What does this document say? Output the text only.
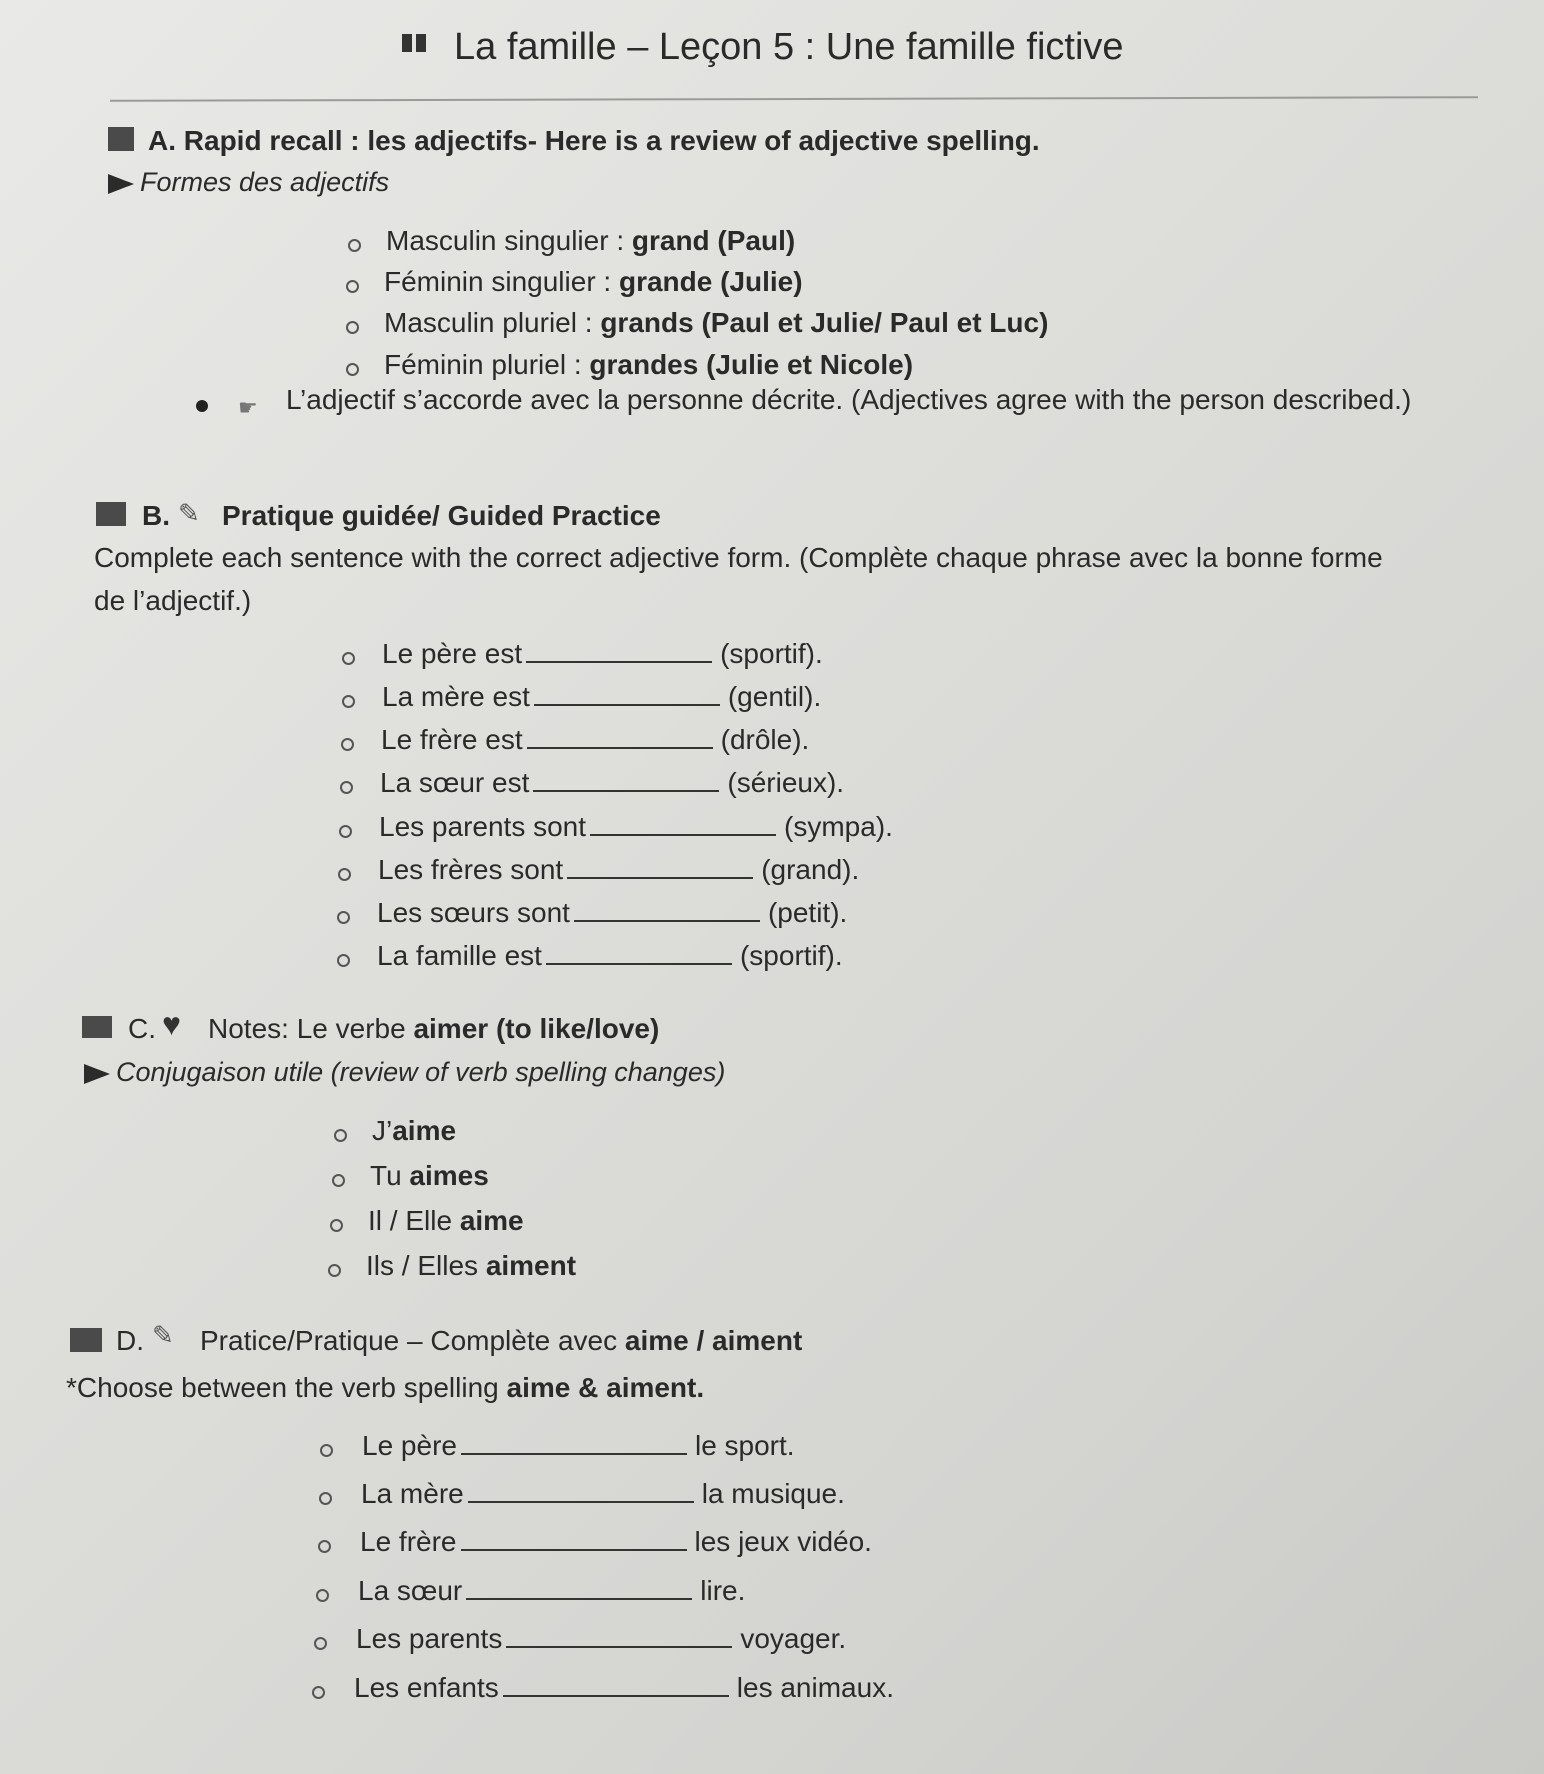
La famille – Leçon 5 : Une famille fictive
A. Rapid recall : les adjectifs- Here is a review of adjective spelling.
Formes des adjectifs
Masculin singulier : grand (Paul)
Féminin singulier : grande (Julie)
Masculin pluriel : grands (Paul et Julie/ Paul et Luc)
Féminin pluriel : grandes (Julie et Nicole)
☛ L’adjectif s’accorde avec la personne décrite. (Adjectives agree with the person described.)
B. ✎ Pratique guidée/ Guided Practice
Complete each sentence with the correct adjective form. (Complète chaque phrase avec la bonne forme
de l’adjectif.)
Le père est	(sportif).
La mère est	(gentil).
Le frère est	(drôle).
La sœur est	(sérieux).
Les parents sont	(sympa).
Les frères sont	(grand).
Les sœurs sont	(petit).
La famille est	(sportif).
C. ♥ Notes: Le verbe aimer (to like/love)
Conjugaison utile (review of verb spelling changes)
J’aime
Tu aimes
Il / Elle aime
Ils / Elles aiment
D. ✎ Pratice/Pratique – Complète avec aime / aiment
*Choose between the verb spelling aime & aiment.
Le père	le sport.
La mère	la musique.
Le frère	les jeux vidéo.
La sœur	lire.
Les parents	voyager.
Les enfants	les animaux.
